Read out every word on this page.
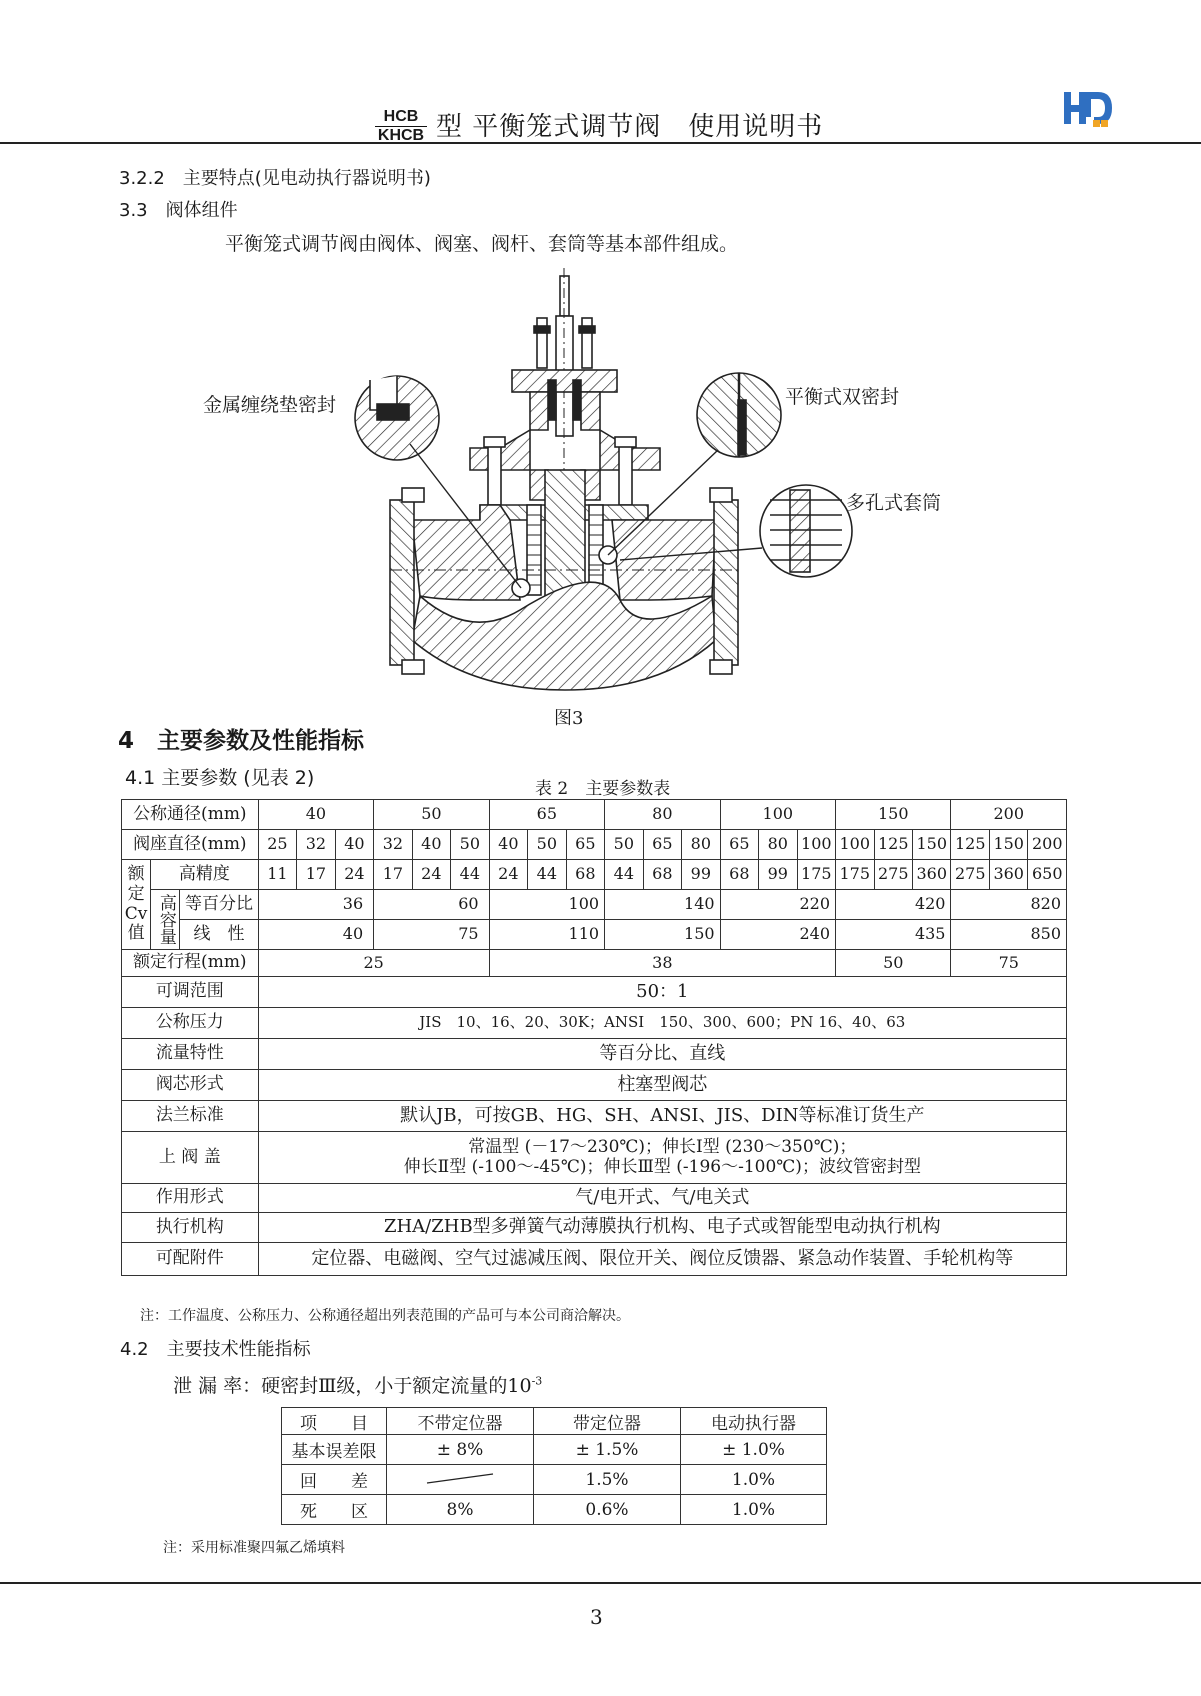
HCB
KHCB 型 平衡笼式调节阀　使用说明书
3.2.2　主要特点(见电动执行器说明书)
3.3　阀体组件
平衡笼式调节阀由阀体、阀塞、阀杆、套筒等基本部件组成。
金属缠绕垫密封	平衡式双密封
多孔式套筒
图3
4　主要参数及性能指标
4.1 主要参数 (见表 2)	表 2　主要参数表
公称通径(mm)			40			50			65			80			100			150			200		
阀座直径(mm)			25	32	40	32	40	50	40	50	65	50	65	80	65	80	100	100	125	150	125	150	200
额定Cv值	高精度		11	17	24	17	24	44	24	44	68	44	68	99	68	99	175	175	275	360	275	360	650
	高容量	等百分比	36			60			100			140			220			420			820		
		线　性	40			75			110			150			240			435			850		
额定行程(mm)			25						38									50			75		
可调范围			50：1																				
公称压力			JIS　10、16、20、30K；ANSI　150、300、600；PN 16、40、63																				
流量特性			等百分比、直线																				
阀芯形式			柱塞型阀芯																				
法兰标准			默认JB，可按GB、HG、SH、ANSI、JIS、DIN等标准订货生产																				
上 阀 盖			常温型 (－17～230℃)；伸长Ⅰ型 (230～350℃)；
伸长Ⅱ型 (-100～-45℃)；伸长Ⅲ型 (-196～-100℃)；波纹管密封型																				

作用形式			气/电开式、气/电关式																				
执行机构			ZHA/ZHB型多弹簧气动薄膜执行机构、电子式或智能型电动执行机构																				
可配附件			定位器、电磁阀、空气过滤减压阀、限位开关、阀位反馈器、紧急动作装置、手轮机构等																				
注：工作温度、公称压力、公称通径超出列表范围的产品可与本公司商洽解决。
4.2　主要技术性能指标
泄 漏 率：硬密封Ⅲ级，小于额定流量的$10^{-3}$
项　　目	不带定位器	带定位器	电动执行器
基本误差限	± 8%	± 1.5%	± 1.0%
回　　差		1.5%	1.0%
死　　区	8%	0.6%	1.0%
注：采用标准聚四氟乙烯填料
3
